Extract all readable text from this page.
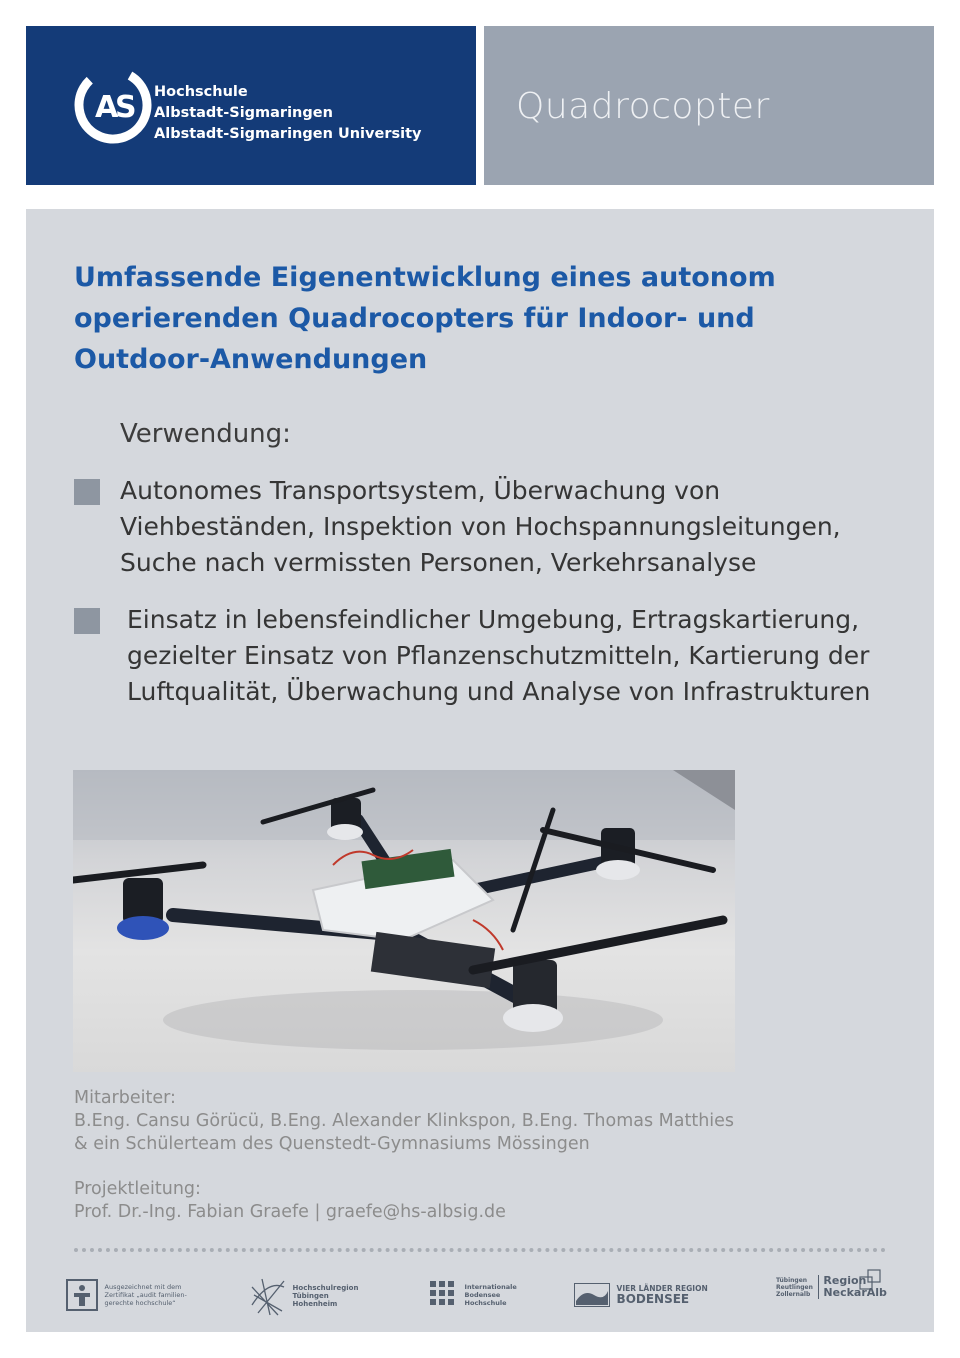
A
S Hochschule
Albstadt-Sigmaringen
Albstadt-Sigmaringen University
Quadrocopter
Umfassende Eigenentwicklung eines autonom operierenden Quadrocopters für Indoor- und Outdoor-Anwendungen
Verwendung:
Autonomes Transportsystem, Überwachung von
Viehbeständen, Inspektion von Hochspannungsleitungen,
Suche nach vermissten Personen, Verkehrsanalyse
Einsatz in lebensfeindlicher Umgebung, Ertragskartierung,
gezielter Einsatz von Pflanzenschutzmitteln, Kartierung der
Luftqualität, Überwachung und Analyse von Infrastrukturen
Mitarbeiter:
B.Eng. Cansu Görücü, B.Eng. Alexander Klinkspon, B.Eng. Thomas Matthies
& ein Schülerteam des Quenstedt-Gymnasiums Mössingen
Projektleitung:
Prof. Dr.-Ing. Fabian Graefe | graefe@hs-albsig.de

Ausgezeichnet mit dem
Zertifikat „audit familien-
gerechte hochschule“

Hochschulregion
Tübingen
Hohenheim

Internationale
Bodensee
Hochschule

VIER LÄNDER REGION
BODENSEE
Tübingen
Reutlingen
Zollernalb

Region
NeckarAlb
